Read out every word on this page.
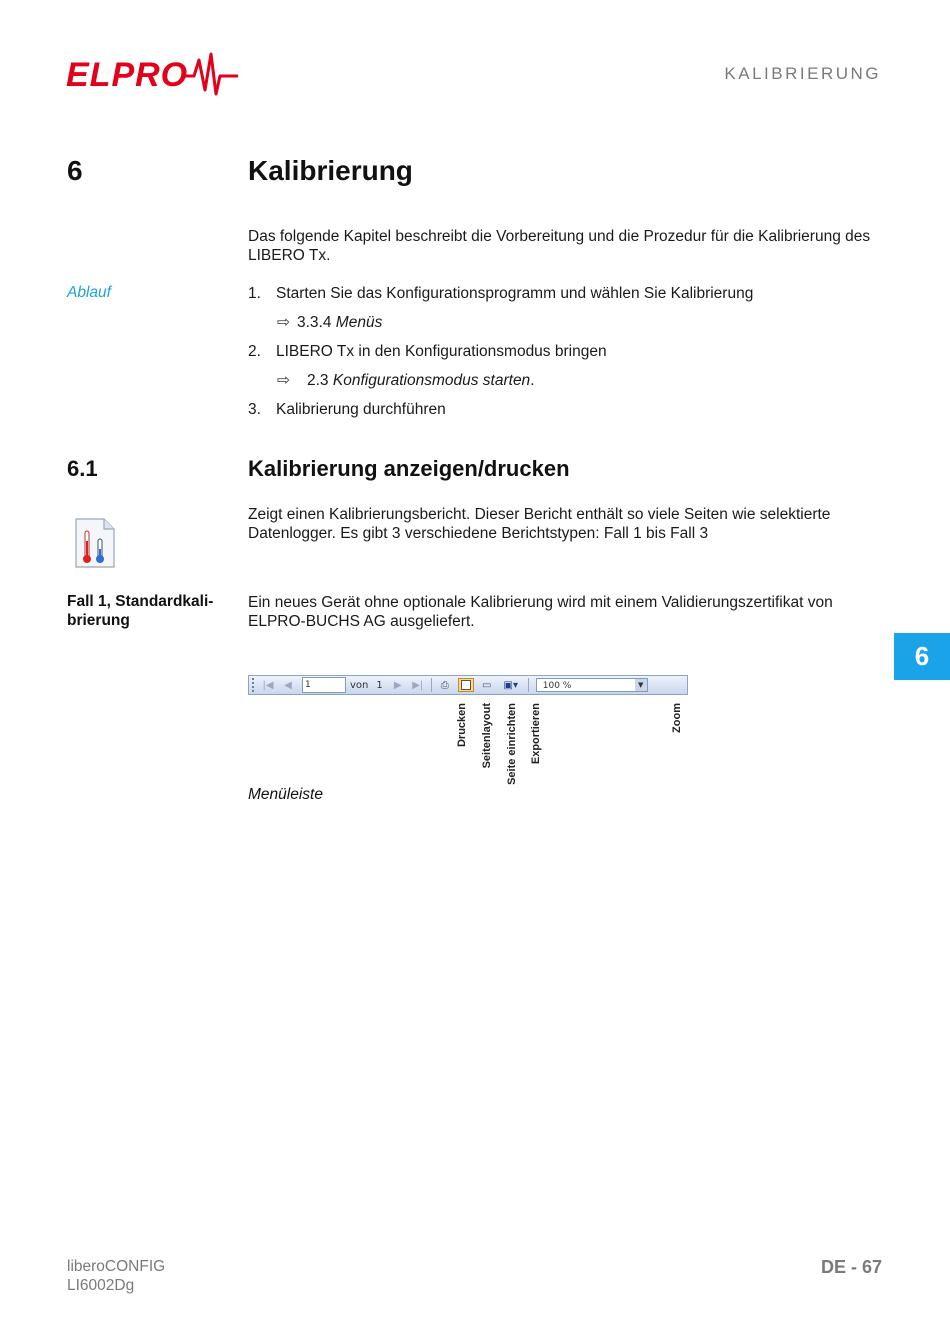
ELPRO	KALIBRIERUNG
6	Kalibrierung
Das folgende Kapitel beschreibt die Vorbereitung und die Prozedur für die Kalibrierung des LIBERO Tx.
Ablauf	1. Starten Sie das Konfigurationsprogramm und wählen Sie Kalibrierung
⇨ 3.3.4 Menüs
2. LIBERO Tx in den Konfigurationsmodus bringen
⇨ 2.3 Konfigurationsmodus starten.
3. Kalibrierung durchführen
6.1	Kalibrierung anzeigen/drucken
Zeigt einen Kalibrierungsbericht. Dieser Bericht enthält so viele Seiten wie selektierte Datenlogger. Es gibt 3 verschiedene Berichtstypen: Fall 1 bis Fall 3
Fall 1, Standardkali-brierung
Ein neues Gerät ohne optionale Kalibrierung wird mit einem Validierungszertifikat von ELPRO-BUCHS AG ausgeliefert.
|◀	◀	1	von 1	▶	▶|	⎙	▭	▣▾	100 %	▼
Drucken Seitenlayout Seite einrichten Exportieren	Zoom
Menüleiste
6
liberoCONFIG
LI6002Dg
DE - 67
